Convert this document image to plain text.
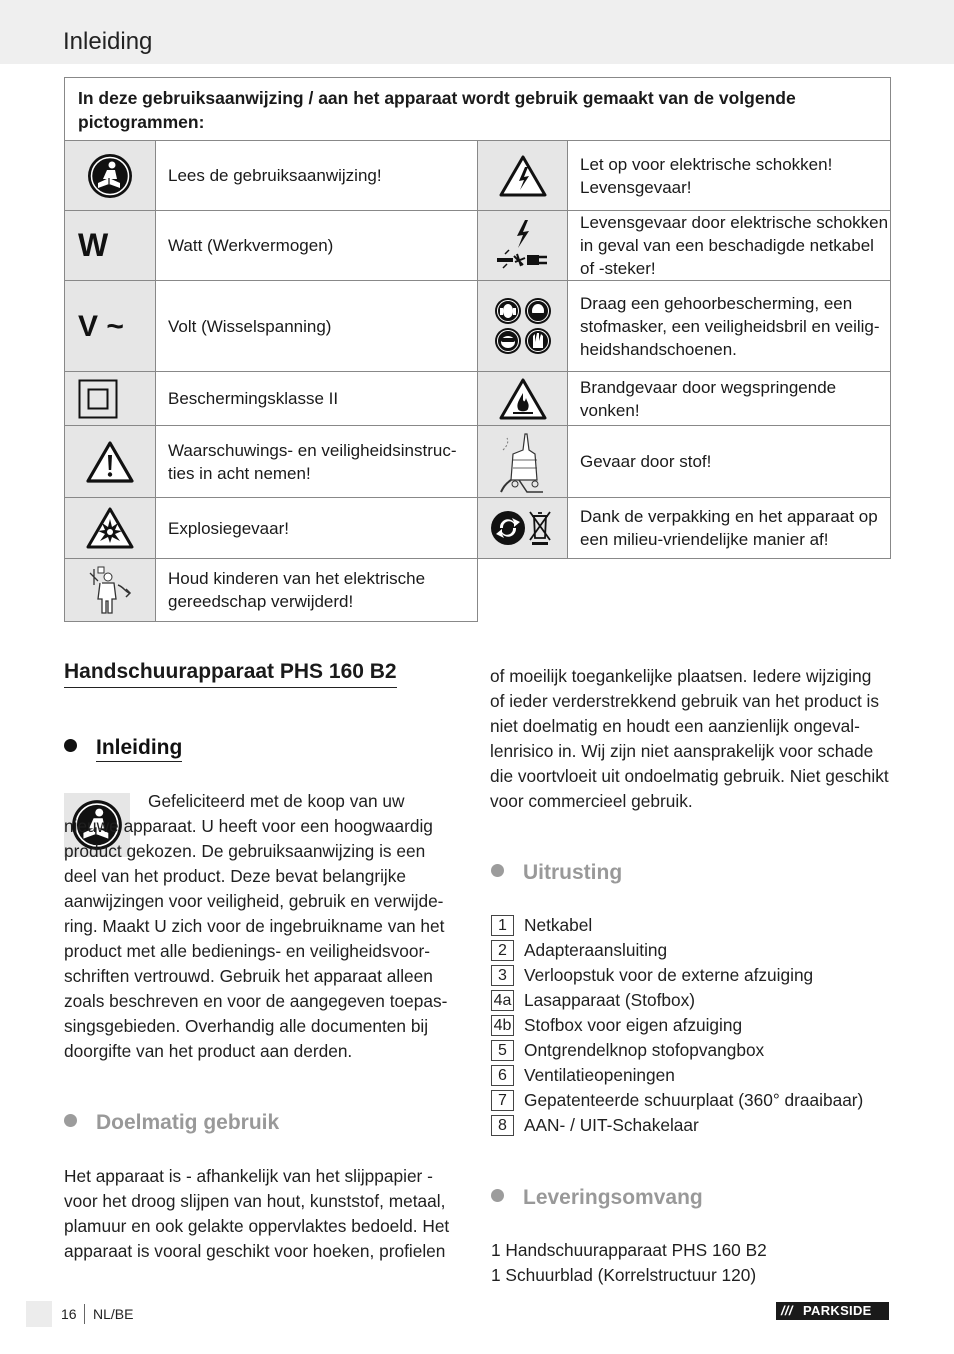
Inleiding
In deze gebruiksaanwijzing / aan het apparaat wordt gebruik gemaakt van de volgende pictogrammen:			

	Lees de gebruiksaanwijzing!		Let op voor elektrische schokken! Levensgevaar!

W	Watt (Werkvermogen)		Levensgevaar door elektrische schokken in geval van een beschadigde netkabel of -steker!

V ~	Volt (Wisselspanning)		Draag een gehoorbescherming, een stofmasker, een veiligheidsbril en veilig-heidshandschoenen.

	Beschermingsklasse II		Brandgevaar door wegspringende vonken!

	Waarschuwings- en veiligheidsinstruc-ties in acht nemen!		Gevaar door stof!

	Explosiegevaar!		Dank de verpakking en het apparaat op een milieu-vriendelijke manier af!

	Houd kinderen van het elektrische gereedschap verwijderd!		
Handschuurapparaat PHS 160 B2
Inleiding
Gefeliciteerd met de koop van uw nieuwe apparaat. U heeft voor een hoogwaardig product gekozen. De gebruiksaanwijzing is een deel van het product. Deze bevat belangrijke aanwijzingen voor veiligheid, gebruik en verwijde-ring. Maakt U zich voor de ingebruikname van het product met alle bedienings- en veiligheidsvoor-schriften vertrouwd. Gebruik het apparaat alleen zoals beschreven en voor de aangegeven toepas-singsgebieden. Overhandig alle documenten bij doorgifte van het product aan derden.
Doelmatig gebruik
Het apparaat is - afhankelijk van het slijppapier - voor het droog slijpen van hout, kunststof, metaal, plamuur en ook gelakte oppervlaktes bedoeld. Het apparaat is vooral geschikt voor hoeken, profielen
of moeilijk toegankelijke plaatsen. Iedere wijziging of ieder verderstrekkend gebruik van het product is niet doelmatig en houdt een aanzienlijk ongeval-lenrisico in. Wij zijn niet aansprakelijk voor schade die voortvloeit uit ondoelmatig gebruik. Niet geschikt voor commercieel gebruik.
Uitrusting
1 Netkabel
2 Adapteraansluiting
3 Verloopstuk voor de externe afzuiging
4a Lasapparaat (Stofbox)
4b Stofbox voor eigen afzuiging
5 Ontgrendelknop stofopvangbox
6 Ventilatieopeningen
7 Gepatenteerde schuurplaat (360° draaibaar)
8 AAN- / UIT-Schakelaar
Leveringsomvang
1 Handschuurapparaat PHS 160 B2
1 Schuurblad (Korrelstructuur 120)
16 NL/BE	/// PARKSIDE
